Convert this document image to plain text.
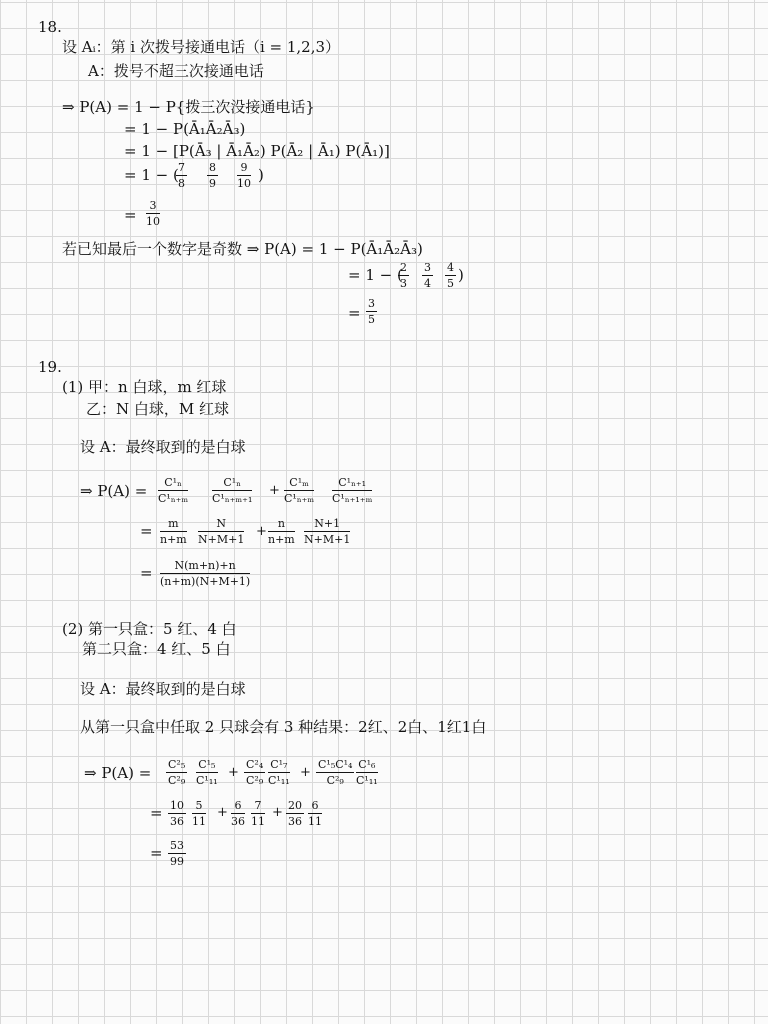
18.
设 Aᵢ：第 i 次拨号接通电话（i = 1,2,3）
A：拨号不超三次接通电话
⇒ P(A) = 1 − P{拨三次没接通电话}
= 1 − P(Ā₁Ā₂Ā₃)
= 1 − [P(Ā₃ | Ā₁Ā₂) P(Ā₂ | Ā₁) P(Ā₁)]
= 1 − ( 7
8
8
9
9
10 )
=
3
10
若已知最后一个数字是奇数 ⇒ P(A) = 1 − P(Ā₁Ā₂Ā₃)
= 1 − (
2
3
3
4
4
5 )
=
3
5
19.
(1) 甲：n 白球，m 红球
乙：N 白球，M 红球
设 A：最终取到的是白球
⇒ P(A) =	C¹ₙ
C¹ₙ₊ₘ
C¹ₙ
C¹ₙ₊ₘ₊₁
+
C¹ₘ
C¹ₙ₊ₘ
C¹ₙ₊₁
C¹ₙ₊₁₊ₘ
=	m
n+m
N
N+M+1
+
n
n+m
N+1
N+M+1
=	N(m+n)+n
(n+m)(N+M+1)
(2) 第一只盒：5 红、4 白
第二只盒：4 红、5 白
设 A：最终取到的是白球
从第一只盒中任取 2 只球会有 3 种结果：2红、2白、1红1白
⇒ P(A) = C²₅
C²₉
C¹₅
C¹₁₁
+
C²₄
C²₉
C¹₇
C¹₁₁
+
C¹₅C¹₄
C²₉
C¹₆
C¹₁₁
= 10
36
5
11
+ 6
36
7
11
+ 20
36
6
11
= 53
99
